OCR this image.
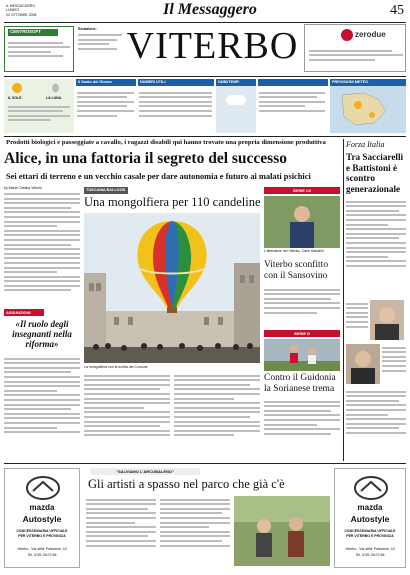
IL MESSAGGERO
LUNEDÌ
23 OTTOBRE 2006	Il Messaggero	45
CENTROSOFT	Redazione: VITERBO	zerodue
IL SOLE	LA LUNA
Il Santo del Giorno	NUMERI UTILI	NUBI/TEMP.	PREVISIONI METEO
Prodotti biologici e passeggiate a cavallo, i ragazzi disabili qui hanno trovato una propria dimensione produttiva
Alice, in una fattoria il segreto del successo
Sei ettari di terreno e un vecchio casale per dare autonomia e futuro ai malati psichici
by Maria Cristina Vittorio
ASSUNZIONI
«Il ruolo degli insegnanti nella riforma»
TUSCANIA BALLOON
Una mongolfiera per 110 candeline
La mongolfiera con la scritta del Comune
SERIE C2
L'allenatore del Viterbo, Carlo Sabatini
Viterbo sconfitto con il Sansovino
SERIE D
Contro il Guidonia la Sorianese trema
Forza Italia
Tra Sacciarelli e Battistoni è scontro generazionale
mazda
Autostyle
CONCESSIONARIA UFFICIALE
PER VITERBO E PROVINCIA
Viterbo - Via delle Palazzine, 10
Tel. 0761.35.07.66
"SALVIAMO L'ARCOBALENO"
Gli artisti a spasso nel parco che già c'è
mazda
Autostyle
CONCESSIONARIA UFFICIALE
PER VITERBO E PROVINCIA
Viterbo - Via delle Palazzine, 10
Tel. 0761.35.07.66
